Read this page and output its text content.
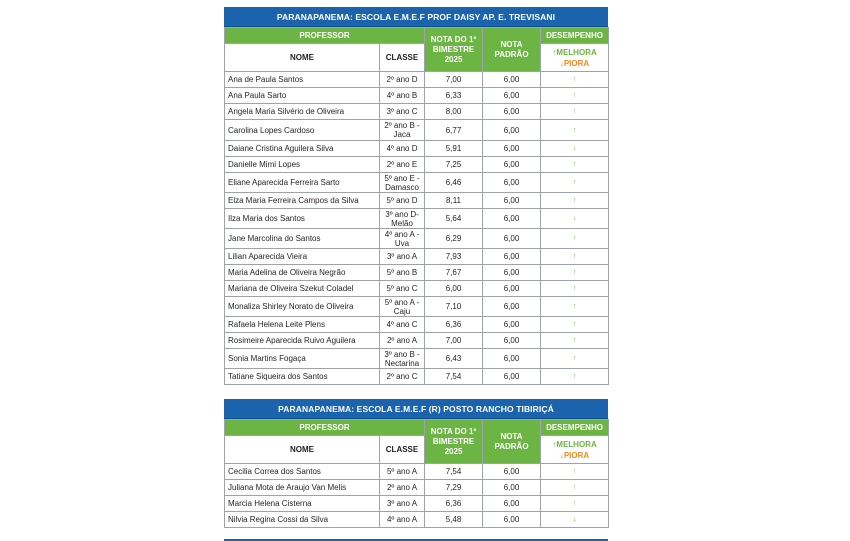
PARANAPANEMA: ESCOLA E.M.E.F PROF DAISY AP. E. TREVISANI
PROFESSOR		NOTA DO 1º BIMESTRE 2025	NOTA PADRÃO	DESEMPENHO
NOME	CLASSE			↑MELHORA
↓PIORA
Ana de Paula Santos	2º ano D	7,00	6,00	↑
Ana Paula Sarto	4º ano B	6,33	6,00	↑
Angela Maria Silvério de Oliveira	3º ano C	8,00	6,00	↑
Carolina Lopes Cardoso	2º ano B - Jaca	6,77	6,00	↑
Daiane Cristina Aguilera Silva	4º ano D	5,91	6,00	↓
Danielle Mimi Lopes	2º ano E	7,25	6,00	↑
Eliane Aparecida Ferreira Sarto	5º ano E - Damasco	6,46	6,00	↑
Elza Maria Ferreira Campos da Silva	5º ano D	8,11	6,00	↑
Ilza Maria dos Santos	3º ano D- Melão	5,64	6,00	↓
Jane Marcolina do Santos	4º ano A - Uva	6,29	6,00	↑
Lilian Aparecida Vieira	3º ano A	7,93	6,00	↑
Maria Adelina de Oliveira Negrão	5º ano B	7,67	6,00	↑
Mariana de Oliveira Szekut Coladel	5º ano C	6,00	6,00	↑
Monaliza Shirley Norato de Oliveira	5º ano A - Caju	7,10	6,00	↑
Rafaela Helena Leite Plens	4º ano C	6,36	6,00	↑
Rosimeire Aparecida Ruivo Aguilera	2º ano A	7,00	6,00	↑
Sonia Martins Fogaça	3º ano B - Nectarina	6,43	6,00	↑
Tatiane Siqueira dos Santos	2º ano C	7,54	6,00	↑
PARANAPANEMA: ESCOLA E.M.E.F (R) POSTO RANCHO TIBIRIÇÁ
PROFESSOR		NOTA DO 1º BIMESTRE 2025	NOTA PADRÃO	DESEMPENHO
NOME	CLASSE			↑MELHORA
↓PIORA
Cecilia Correa dos Santos	5º ano A	7,54	6,00	↑
Juliana Mota de Araujo Van Melis	2º ano A	7,29	6,00	↑
Marcia Helena Cisterna	3º ano A	6,36	6,00	↑
Nilvia Regina Cossi da Silva	4º ano A	5,48	6,00	↓
